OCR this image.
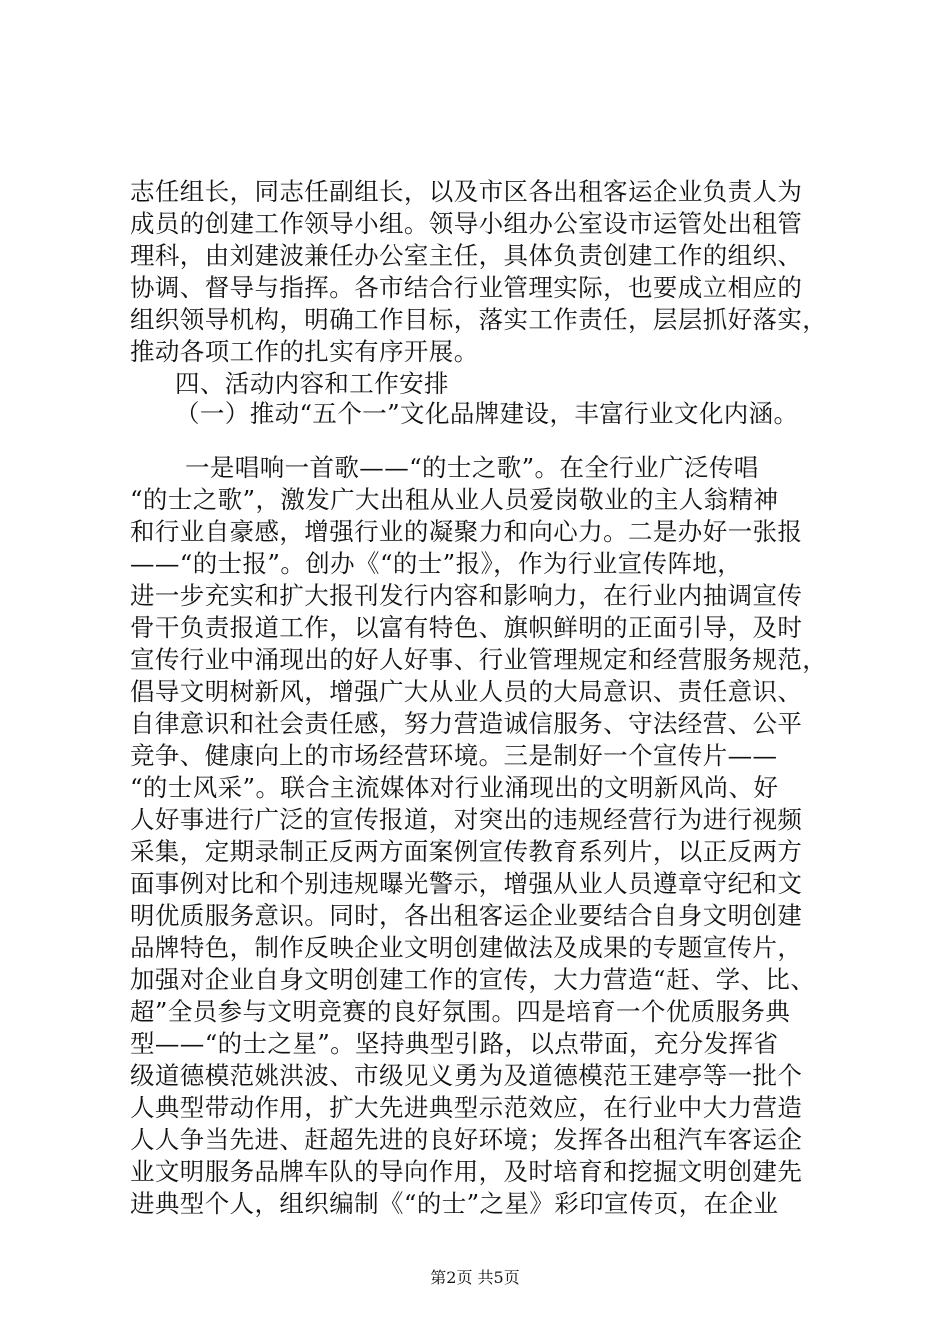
志任组长，同志任副组长，以及市区各出租客运企业负责人为
成员的创建工作领导小组。领导小组办公室设市运管处出租管
理科，由刘建波兼任办公室主任，具体负责创建工作的组织、
协调、督导与指挥。各市结合行业管理实际，也要成立相应的
组织领导机构，明确工作目标，落实工作责任，层层抓好落实，
推动各项工作的扎实有序开展。
四、活动内容和工作安排
（一）推动“五个一”文化品牌建设，丰富行业文化内涵。
一是唱响一首歌——“的士之歌”。在全行业广泛传唱
“的士之歌”，激发广大出租从业人员爱岗敬业的主人翁精神
和行业自豪感，增强行业的凝聚力和向心力。二是办好一张报
——“的士报”。创办《“的士”报》，作为行业宣传阵地，
进一步充实和扩大报刊发行内容和影响力，在行业内抽调宣传
骨干负责报道工作，以富有特色、旗帜鲜明的正面引导，及时
宣传行业中涌现出的好人好事、行业管理规定和经营服务规范，
倡导文明树新风，增强广大从业人员的大局意识、责任意识、
自律意识和社会责任感，努力营造诚信服务、守法经营、公平
竞争、健康向上的市场经营环境。三是制好一个宣传片——
“的士风采”。联合主流媒体对行业涌现出的文明新风尚、好
人好事进行广泛的宣传报道，对突出的违规经营行为进行视频
采集，定期录制正反两方面案例宣传教育系列片，以正反两方
面事例对比和个别违规曝光警示，增强从业人员遵章守纪和文
明优质服务意识。同时，各出租客运企业要结合自身文明创建
品牌特色，制作反映企业文明创建做法及成果的专题宣传片，
加强对企业自身文明创建工作的宣传，大力营造“赶、学、比、
超”全员参与文明竞赛的良好氛围。四是培育一个优质服务典
型——“的士之星”。坚持典型引路，以点带面，充分发挥省
级道德模范姚洪波、市级见义勇为及道德模范王建亭等一批个
人典型带动作用，扩大先进典型示范效应，在行业中大力营造
人人争当先进、赶超先进的良好环境；发挥各出租汽车客运企
业文明服务品牌车队的导向作用，及时培育和挖掘文明创建先
进典型个人，组织编制《“的士”之星》彩印宣传页，在企业
第2页 共5页
